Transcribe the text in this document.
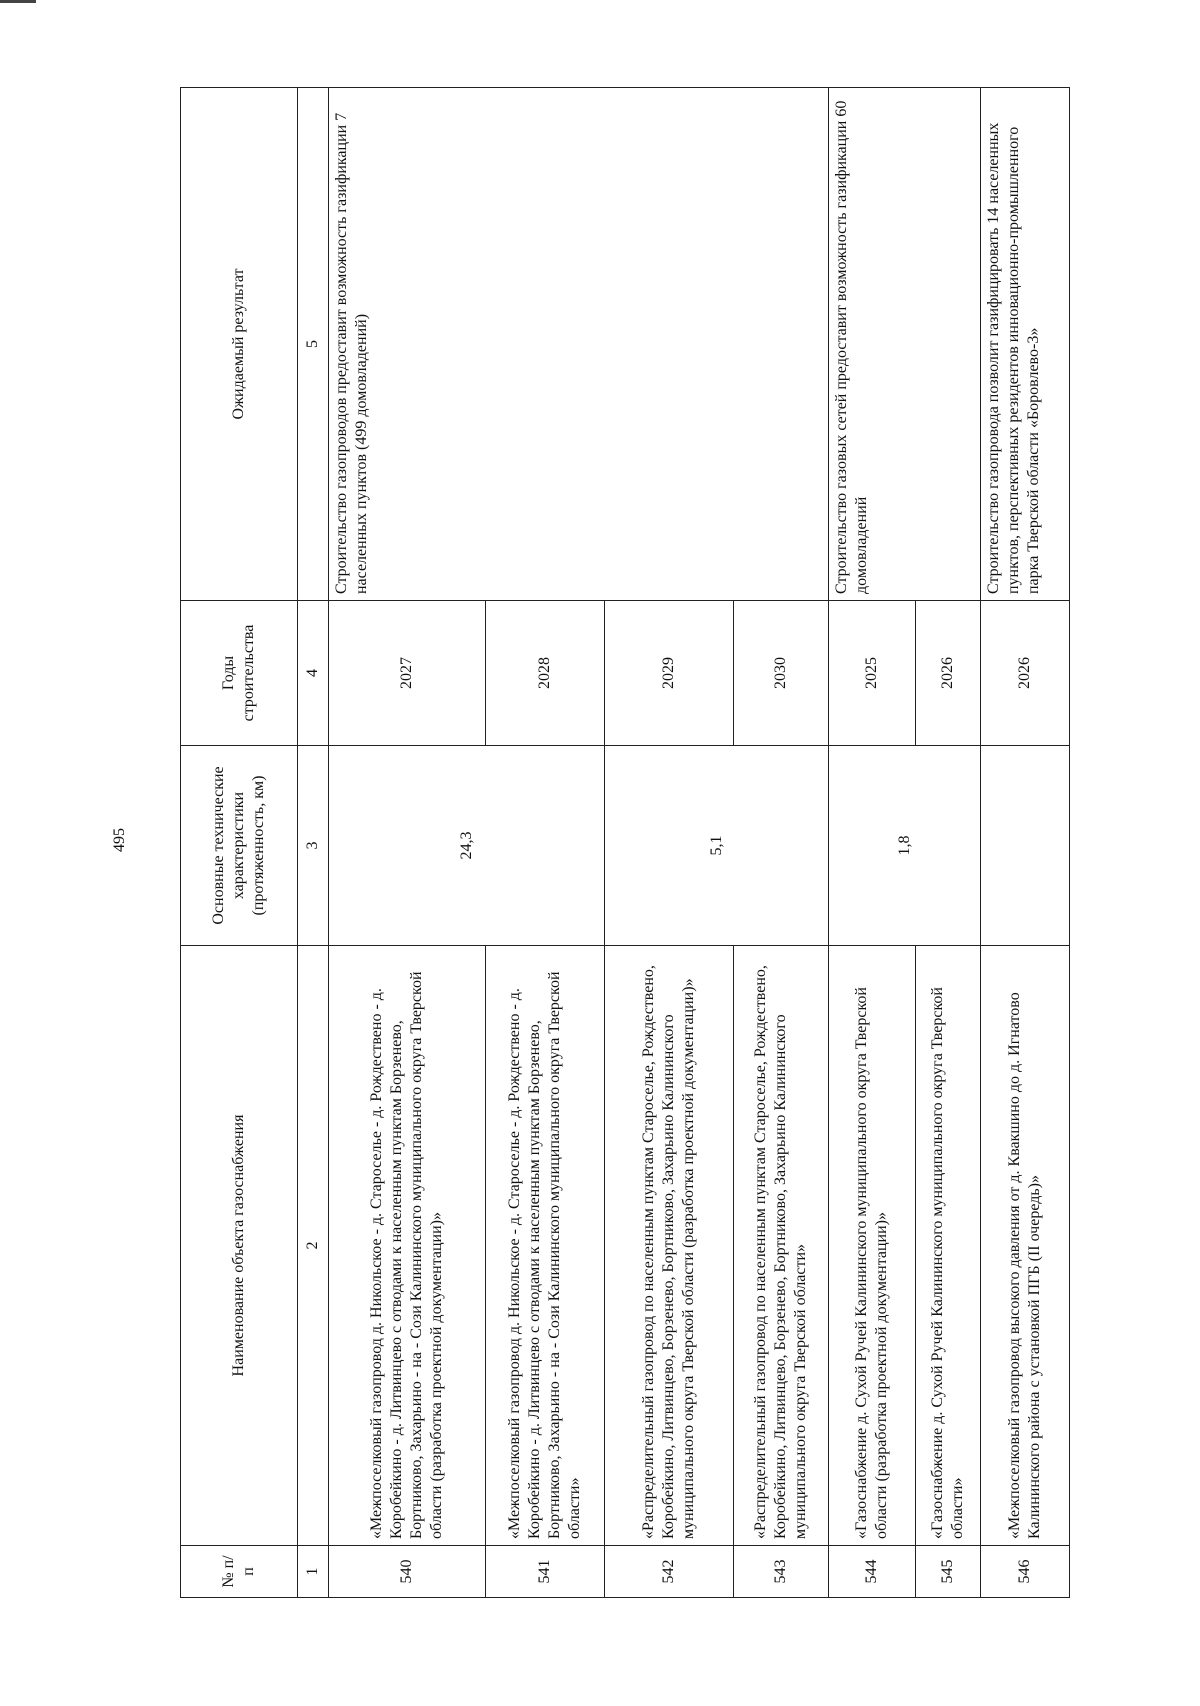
495
№ п/п	Наименование объекта газоснабжения	Основные технические характеристики (протяженность, км)	Годы строительства	Ожидаемый результат
1	2	3	4	5
540	«Межпоселковый газопровод д. Никольское - д. Староселье - д. Рождествено - д. Коробейкино - д. Литвинцево с отводами к населенным пунктам Борзенево, Бортниково, Захарьино - на - Сози Калининского муниципального округа Тверской области (разработка проектной документации)»	24,3	2027	Строительство газопроводов предоставит возможность газификации 7 населенных пунктов (499 домовладений)
541	«Межпоселковый газопровод д. Никольское - д. Староселье - д. Рождествено - д. Коробейкино - д. Литвинцево с отводами к населенным пунктам Борзенево, Бортниково, Захарьино - на - Сози Калининского муниципального округа Тверской области»		2028	
542	«Распределительный газопровод по населенным пунктам Староселье, Рождествено, Коробейкино, Литвинцево, Борзенево, Бортниково, Захарьино Калининского муниципального округа Тверской области (разработка проектной документации)»	5,1	2029	
543	«Распределительный газопровод по населенным пунктам Староселье, Рождествено, Коробейкино, Литвинцево, Борзенево, Бортниково, Захарьино Калининского муниципального округа Тверской области»		2030	
544	«Газоснабжение д. Сухой Ручей Калининского муниципального округа Тверской области (разработка проектной документации)»	1,8	2025	Строительство газовых сетей предоставит возможность газификации 60 домовладений
545	«Газоснабжение д. Сухой Ручей Калининского муниципального округа Тверской области»		2026	
546	«Межпоселковый газопровод высокого давления от д. Квакшино до д. Игнатово Калининского района с установкой ПГБ (II очередь)»		2026	Строительство газопровода позволит газифицировать 14 населенных пунктов, перспективных резидентов инновационно-промышленного парка Тверской области «Боровлево-3»
